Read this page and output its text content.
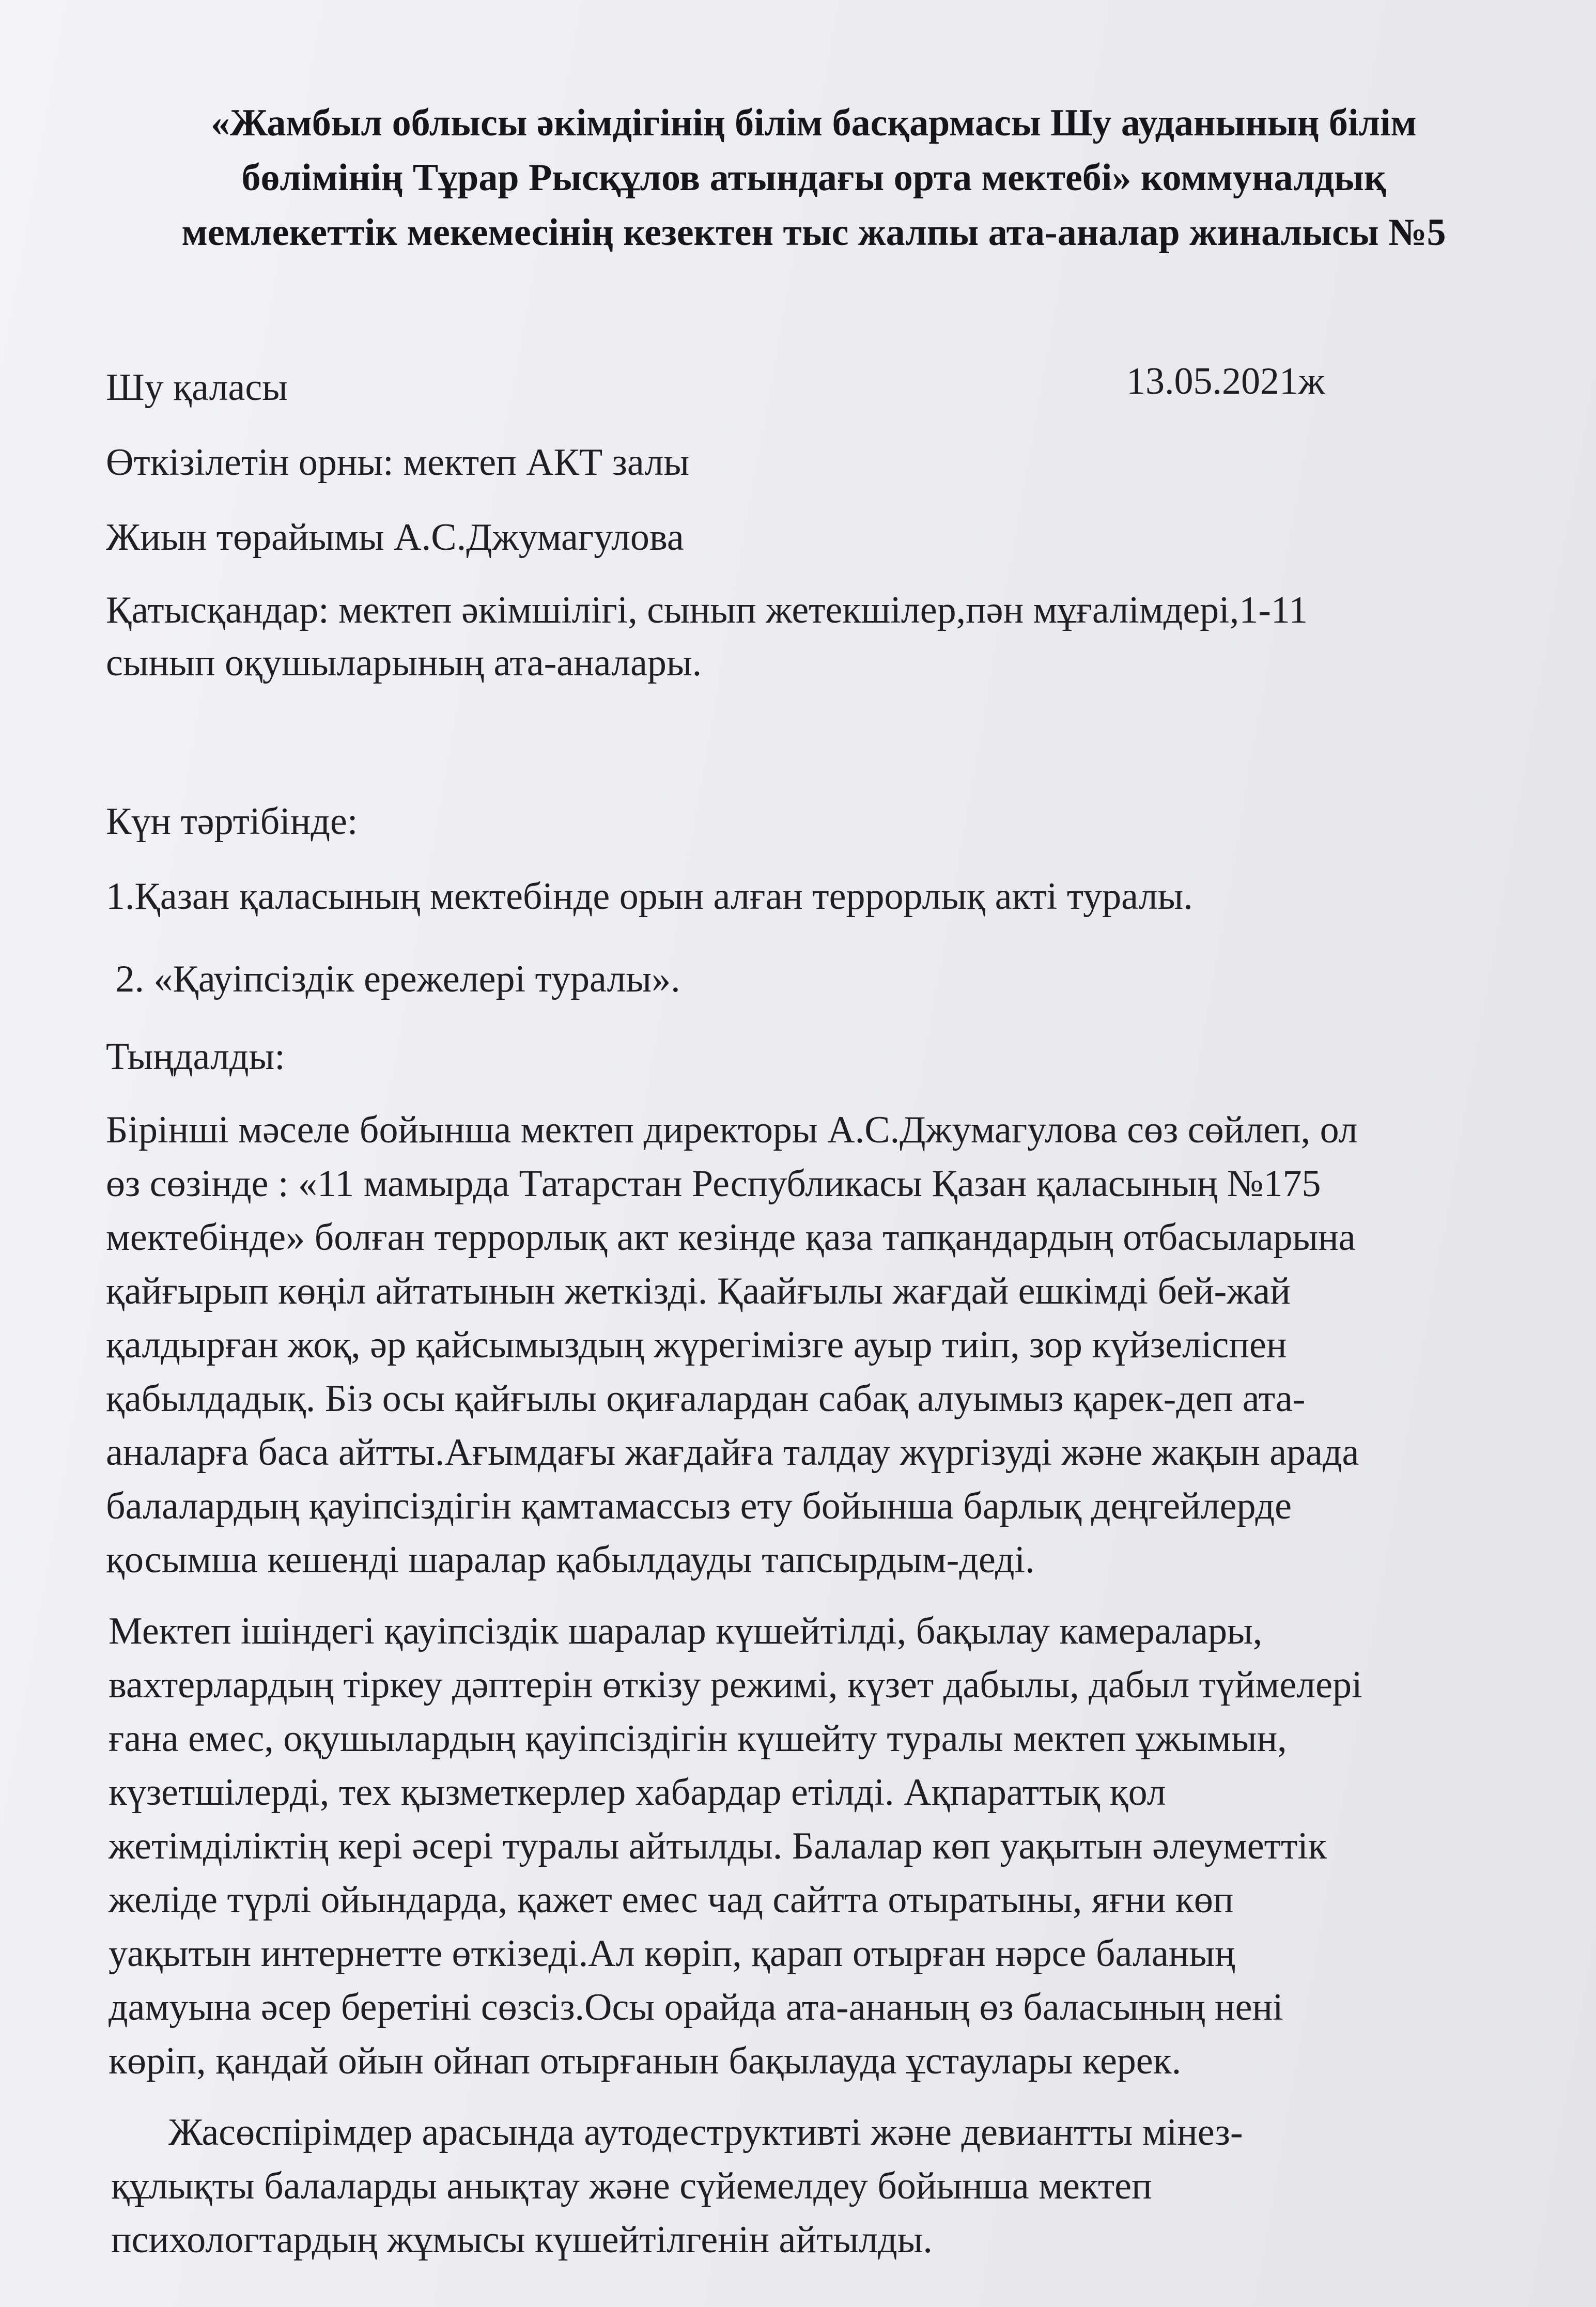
«Жамбыл облысы әкімдігінің білім басқармасы Шу ауданының білім
бөлімінің Тұрар Рысқұлов атындағы орта мектебі» коммуналдық
мемлекеттік мекемесінің кезектен тыс жалпы ата-аналар жиналысы №5
Шу қаласы	13.05.2021ж
Өткізілетін орны: мектеп АКТ залы
Жиын төрайымы А.С.Джумагулова
Қатысқандар: мектеп әкімшілігі, сынып жетекшілер,пән мұғалімдері,1-11
сынып оқушыларының ата-аналары.
Күн тәртібінде:
1.Қазан қаласының мектебінде орын алған террорлық акті туралы.
2. «Қауіпсіздік ережелері туралы».
Тыңдалды:
Бірінші мәселе бойынша мектеп директоры А.С.Джумагулова сөз сөйлеп, ол
өз сөзінде : «11 мамырда Татарстан Республикасы Қазан қаласының №175
мектебінде» болған террорлық акт кезінде қаза тапқандардың отбасыларына
қайғырып көңіл айтатынын жеткізді. Қаайғылы жағдай ешкімді бей-жай
қалдырған жоқ, әр қайсымыздың жүрегімізге ауыр тиіп, зор күйзеліспен
қабылдадық. Біз осы қайғылы оқиғалардан сабақ алуымыз қарек-деп ата-
аналарға баса айтты.Ағымдағы жағдайға талдау жүргізуді және жақын арада
балалардың қауіпсіздігін қамтамассыз ету бойынша барлық деңгейлерде
қосымша кешенді шаралар қабылдауды тапсырдым-деді.
Мектеп ішіндегі қауіпсіздік шаралар күшейтілді, бақылау камералары,
вахтерлардың тіркеу дәптерін өткізу режимі, күзет дабылы, дабыл түймелері
ғана емес, оқушылардың қауіпсіздігін күшейту туралы мектеп ұжымын,
күзетшілерді, тех қызметкерлер хабардар етілді. Ақпараттық қол
жетімділіктің кері әсері туралы айтылды. Балалар көп уақытын әлеуметтік
желіде түрлі ойындарда, қажет емес чад сайтта отыратыны, яғни көп
уақытын интернетте өткізеді.Ал көріп, қарап отырған нәрсе баланың
дамуына әсер беретіні сөзсіз.Осы орайда ата-ананың өз баласының нені
көріп, қандай ойын ойнап отырғанын бақылауда ұстаулары керек.
Жасөспірімдер арасында аутодеструктивті және девиантты мінез-
құлықты балаларды анықтау және сүйемелдеу бойынша мектеп
психологтардың жұмысы күшейтілгенін айтылды.
